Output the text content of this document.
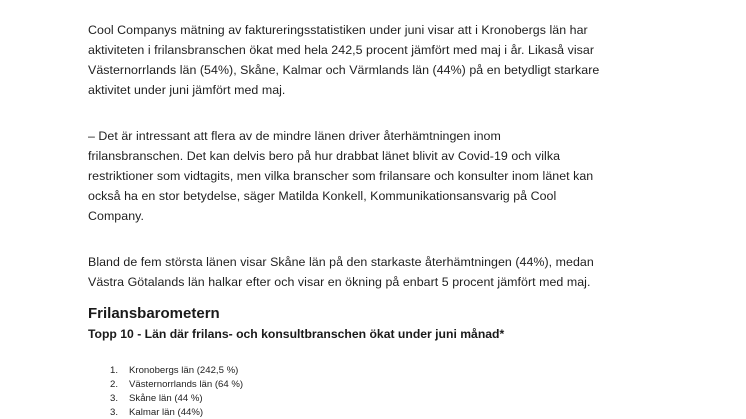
Cool Companys mätning av faktureringsstatistiken under juni visar att i Kronobergs län har
aktiviteten i frilansbranschen ökat med hela 242,5 procent jämfört med maj i år. Likaså visar
Västernorrlands län (54%), Skåne, Kalmar och Värmlands län (44%) på en betydligt starkare
aktivitet under juni jämfört med maj.

– Det är intressant att flera av de mindre länen driver återhämtningen inom
frilansbranschen. Det kan delvis bero på hur drabbat länet blivit av Covid-19 och vilka
restriktioner som vidtagits, men vilka branscher som frilansare och konsulter inom länet kan
också ha en stor betydelse, säger Matilda Konkell, Kommunikationsansvarig på Cool
Company.

Bland de fem största länen visar Skåne län på den starkaste återhämtningen (44%), medan
Västra Götalands län halkar efter och visar en ökning på enbart 5 procent jämfört med maj.

Frilansbarometern
Topp 10 - Län där frilans- och konsultbranschen ökat under juni månad*
1. Kronobergs län (242,5 %)
2. Västernorrlands län (64 %)
3. Skåne län (44 %)
3. Kalmar län (44%)
